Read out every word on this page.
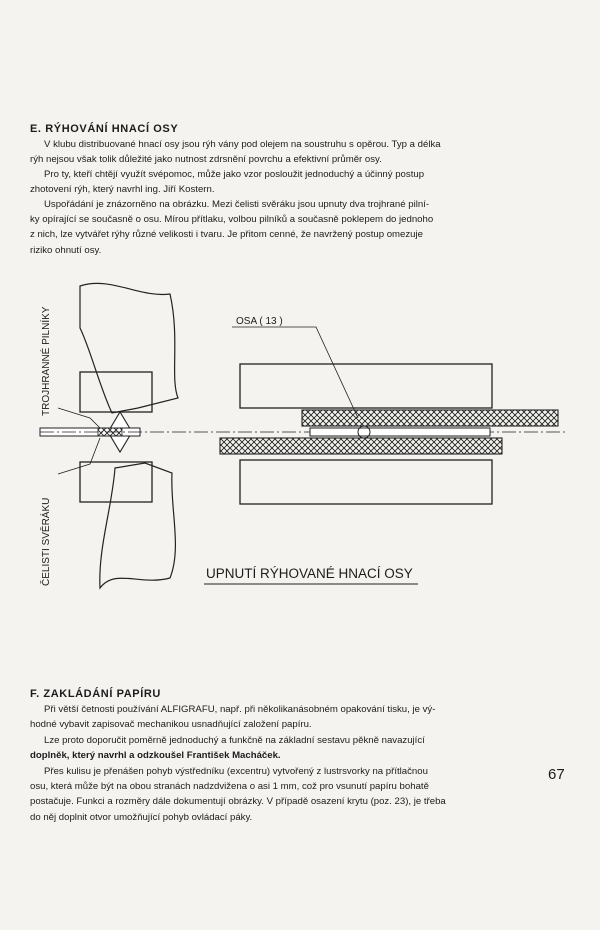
E. RÝHOVÁNÍ HNACÍ OSY

V klubu distribuované hnací osy jsou rýh vány pod olejem na soustruhu s opěrou. Typ a délka
rýh nejsou však tolik důležité jako nutnost zdrsnění povrchu a efektivní průměr osy.

Pro ty, kteří chtějí využít svépomoc, může jako vzor posloužit jednoduchý a účinný postup
zhotovení rýh, který navrhl ing. Jiří Kostern.

Uspořádání je znázorněno na obrázku. Mezi čelisti svěráku jsou upnuty dva trojhrané pilní-
ky opírající se současně o osu. Mírou přítlaku, volbou pilníků a současně poklepem do jednoho
z nich, lze vytvářet rýhy různé velikosti i tvaru. Je přitom cenné, že navržený postup omezuje
riziko ohnutí osy.

TROJHRANNÉ PILNÍKY
ČELISTI SVĚRÁKU
OSA ( 13 )
UPNUTÍ RÝHOVANÉ HNACÍ OSY
F. ZAKLÁDÁNÍ PAPÍRU

Při větší četnosti používání ALFIGRAFU, např. při několikanásobném opakování tisku, je vý-
hodné vybavit zapisovač mechanikou usnadňující založení papíru.

Lze proto doporučit poměrně jednoduchý a funkčně na základní sestavu pěkně navazující
doplněk, který navrhl a odzkoušel František Macháček.

Přes kulisu je přenášen pohyb výstředníku (excentru) vytvořený z lustrsvorky na přítlačnou
osu, která může být na obou stranách nadzdvižena o asi 1 mm, což pro vsunutí papíru bohatě
postačuje. Funkci a rozměry dále dokumentují obrázky. V případě osazení krytu (poz. 23), je třeba
do něj doplnit otvor umožňující pohyb ovládací páky.

67
